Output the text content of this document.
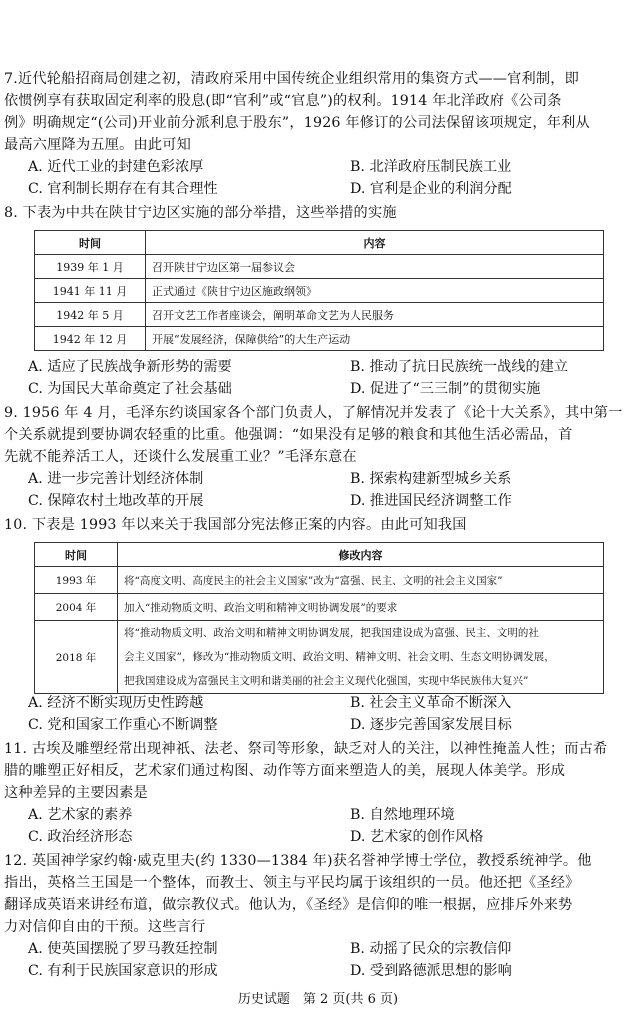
7.近代轮船招商局创建之初，清政府采用中国传统企业组织常用的集资方式——官利制，即
依惯例享有获取固定利率的股息(即“官利”或“官息”)的权利。1914 年北洋政府《公司条
例》明确规定“(公司)开业前分派利息于股东”，1926 年修订的公司法保留该项规定，年利从
最高六厘降为五厘。由此可知
A. 近代工业的封建色彩浓厚	B. 北洋政府压制民族工业
C. 官利制长期存在有其合理性	D. 官利是企业的利润分配
8. 下表为中共在陕甘宁边区实施的部分举措，这些举措的实施
时间	内容
1939 年 1 月	召开陕甘宁边区第一届参议会
1941 年 11 月	正式通过《陕甘宁边区施政纲领》
1942 年 5 月	召开文艺工作者座谈会，阐明革命文艺为人民服务
1942 年 12 月	开展“发展经济，保障供给”的大生产运动
A. 适应了民族战争新形势的需要	B. 推动了抗日民族统一战线的建立
C. 为国民大革命奠定了社会基础	D. 促进了“三三制”的贯彻实施
9. 1956 年 4 月，毛泽东约谈国家各个部门负责人，了解情况并发表了《论十大关系》，其中第一
个关系就提到要协调农轻重的比重。他强调：“如果没有足够的粮食和其他生活必需品，首
先就不能养活工人，还谈什么发展重工业？”毛泽东意在
A. 进一步完善计划经济体制	B. 探索构建新型城乡关系
C. 保障农村土地改革的开展	D. 推进国民经济调整工作
10. 下表是 1993 年以来关于我国部分宪法修正案的内容。由此可知我国
时间	修改内容
1993 年	将“高度文明、高度民主的社会主义国家”改为“富强、民主、文明的社会主义国家”
2004 年	加入“推动物质文明、政治文明和精神文明协调发展”的要求
2018 年	将“推动物质文明、政治文明和精神文明协调发展，把我国建设成为富强、民主、文明的社
会主义国家”，修改为“推动物质文明、政治文明、精神文明、社会文明、生态文明协调发展，
把我国建设成为富强民主文明和谐美丽的社会主义现代化强国，实现中华民族伟大复兴”
A. 经济不断实现历史性跨越	B. 社会主义革命不断深入
C. 党和国家工作重心不断调整	D. 逐步完善国家发展目标
11. 古埃及雕塑经常出现神祇、法老、祭司等形象，缺乏对人的关注，以神性掩盖人性；而古希
腊的雕塑正好相反，艺术家们通过构图、动作等方面来塑造人的美，展现人体美学。形成
这种差异的主要因素是
A. 艺术家的素养	B. 自然地理环境
C. 政治经济形态	D. 艺术家的创作风格
12. 英国神学家约翰·威克里夫(约 1330—1384 年)获名誉神学博士学位，教授系统神学。他
指出，英格兰王国是一个整体，而教士、领主与平民均属于该组织的一员。他还把《圣经》
翻译成英语来讲经布道，做宗教仪式。他认为，《圣经》是信仰的唯一根据，应排斥外来势
力对信仰自由的干预。这些言行
A. 使英国摆脱了罗马教廷控制	B. 动摇了民众的宗教信仰
C. 有利于民族国家意识的形成	D. 受到路德派思想的影响
历史试题　第 2 页(共 6 页)
